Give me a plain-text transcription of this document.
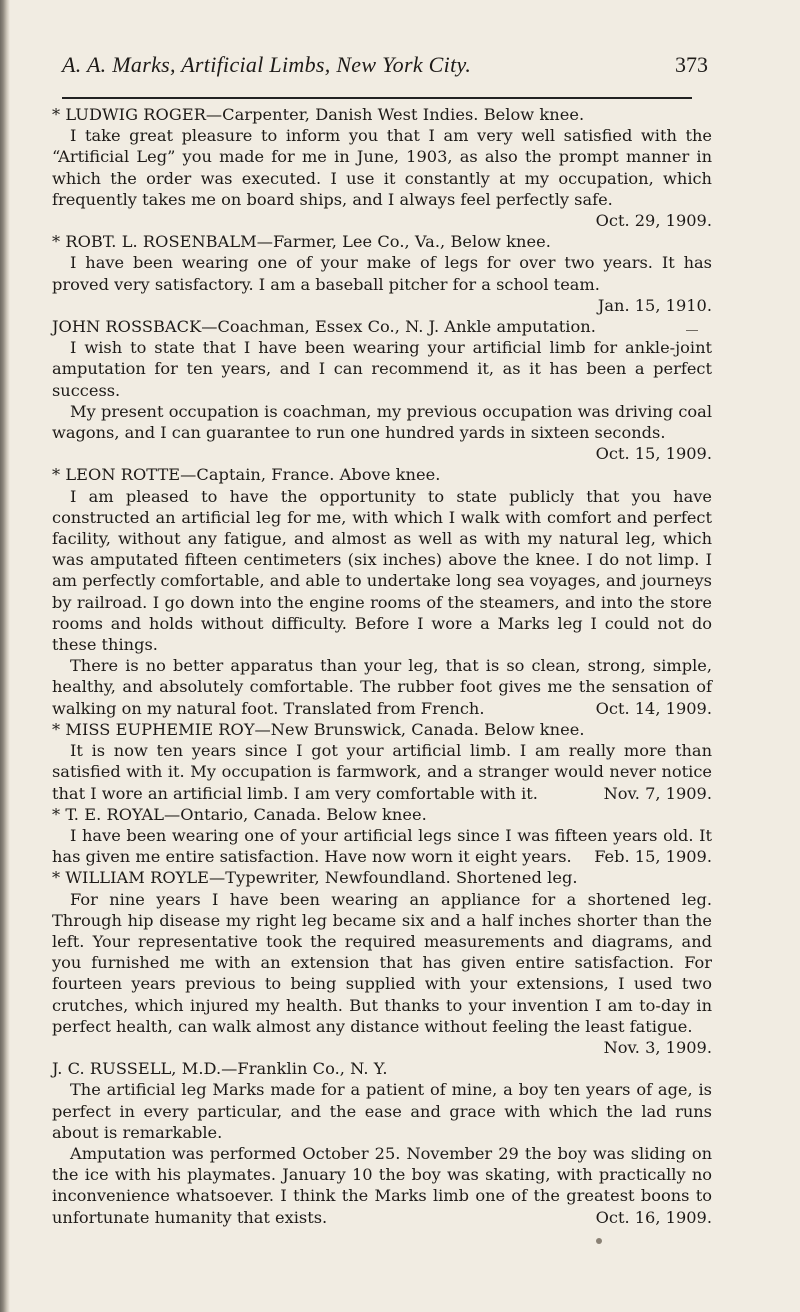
A. A. Marks, Artificial Limbs, New York City.	373

* LUDWIG ROGER—Carpenter, Danish West Indies. Below knee.

I take great pleasure to inform you that I am very well satisfied with the “Artificial Leg” you made for me in June, 1903, as also the prompt manner in which the order was executed. I use it constantly at my occupation, which frequently takes me on board ships, and I always feel perfectly safe.
Oct. 29, 1909.

* ROBT. L. ROSENBALM—Farmer, Lee Co., Va., Below knee.

I have been wearing one of your make of legs for over two years. It has proved very satisfactory. I am a baseball pitcher for a school team.
Jan. 15, 1910.

JOHN ROSSBACK—Coachman, Essex Co., N. J. Ankle amputation.

I wish to state that I have been wearing your artificial limb for ankle-joint amputation for ten years, and I can recommend it, as it has been a perfect success.

My present occupation is coachman, my previous occupation was driving coal wagons, and I can guarantee to run one hundred yards in sixteen seconds.
Oct. 15, 1909.

* LEON ROTTE—Captain, France. Above knee.

I am pleased to have the opportunity to state publicly that you have constructed an artificial leg for me, with which I walk with comfort and perfect facility, without any fatigue, and almost as well as with my natural leg, which was amputated fifteen centimeters (six inches) above the knee. I do not limp. I am perfectly comfortable, and able to undertake long sea voyages, and journeys by railroad. I go down into the engine rooms of the steamers, and into the store rooms and holds without difficulty. Before I wore a Marks leg I could not do these things.

There is no better apparatus than your leg, that is so clean, strong, simple, healthy, and absolutely comfortable. The rubber foot gives me the sensation of walking on my natural foot. Translated from French.	Oct. 14, 1909.

* MISS EUPHEMIE ROY—New Brunswick, Canada. Below knee.

It is now ten years since I got your artificial limb. I am really more than satisfied with it. My occupation is farmwork, and a stranger would never notice that I wore an artificial limb. I am very comfortable with it.	Nov. 7, 1909.

* T. E. ROYAL—Ontario, Canada. Below knee.

I have been wearing one of your artificial legs since I was fifteen years old. It has given me entire satisfaction. Have now worn it eight years.	Feb. 15, 1909.

* WILLIAM ROYLE—Typewriter, Newfoundland. Shortened leg.

For nine years I have been wearing an appliance for a shortened leg. Through hip disease my right leg became six and a half inches shorter than the left. Your representative took the required measurements and diagrams, and you furnished me with an extension that has given entire satisfaction. For fourteen years previous to being supplied with your extensions, I used two crutches, which injured my health. But thanks to your invention I am to-day in perfect health, can walk almost any distance without feeling the least fatigue.
Nov. 3, 1909.

J. C. RUSSELL, M.D.—Franklin Co., N. Y.

The artificial leg Marks made for a patient of mine, a boy ten years of age, is perfect in every particular, and the ease and grace with which the lad runs about is remarkable.

Amputation was performed October 25. November 29 the boy was sliding on the ice with his playmates. January 10 the boy was skating, with practically no inconvenience whatsoever. I think the Marks limb one of the greatest boons to unfortunate humanity that exists.	Oct. 16, 1909.
